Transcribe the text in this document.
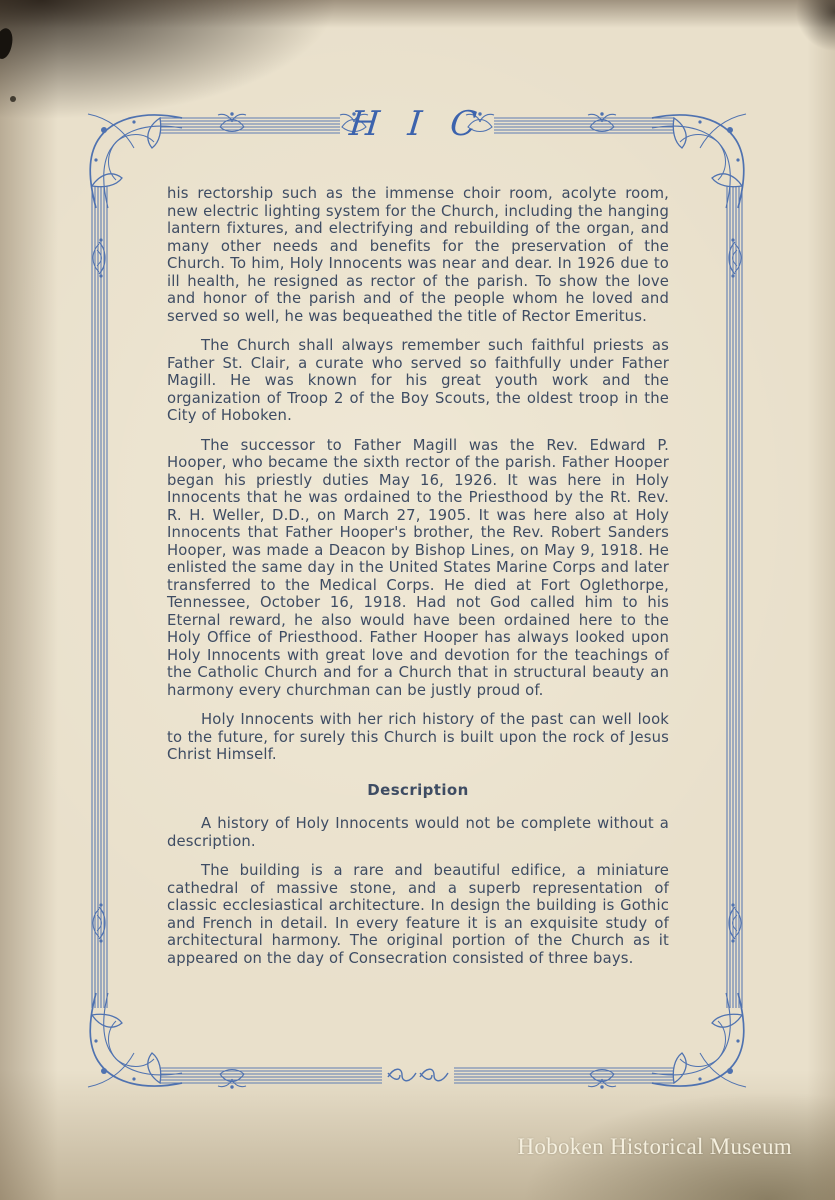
H I C

his rectorship such as the immense choir room, acolyte room, new electric lighting system for the Church, including the hanging lantern fixtures, and electrifying and rebuilding of the organ, and many other needs and benefits for the preservation of the Church. To him, Holy Innocents was near and dear. In 1926 due to ill health, he resigned as rector of the parish. To show the love and honor of the parish and of the people whom he loved and served so well, he was bequeathed the title of Rector Emeritus.

The Church shall always remember such faithful priests as Father St. Clair, a curate who served so faithfully under Father Magill. He was known for his great youth work and the organization of Troop 2 of the Boy Scouts, the oldest troop in the City of Hoboken.

The successor to Father Magill was the Rev. Edward P. Hooper, who became the sixth rector of the parish. Father Hooper began his priestly duties May 16, 1926. It was here in Holy Innocents that he was ordained to the Priesthood by the Rt. Rev. R. H. Weller, D.D., on March 27, 1905. It was here also at Holy Innocents that Father Hooper's brother, the Rev. Robert Sanders Hooper, was made a Deacon by Bishop Lines, on May 9, 1918. He enlisted the same day in the United States Marine Corps and later transferred to the Medical Corps. He died at Fort Oglethorpe, Tennessee, October 16, 1918. Had not God called him to his Eternal reward, he also would have been ordained here to the Holy Office of Priesthood. Father Hooper has always looked upon Holy Innocents with great love and devotion for the teachings of the Catholic Church and for a Church that in structural beauty an harmony every churchman can be justly proud of.

Holy Innocents with her rich history of the past can well look to the future, for surely this Church is built upon the rock of Jesus Christ Himself.

Description

A history of Holy Innocents would not be complete without a description.

The building is a rare and beautiful edifice, a miniature cathedral of massive stone, and a superb representation of classic ecclesiastical architecture. In design the building is Gothic and French in detail. In every feature it is an exquisite study of architectural harmony. The original portion of the Church as it appeared on the day of Consecration consisted of three bays.

Hoboken Historical Museum
